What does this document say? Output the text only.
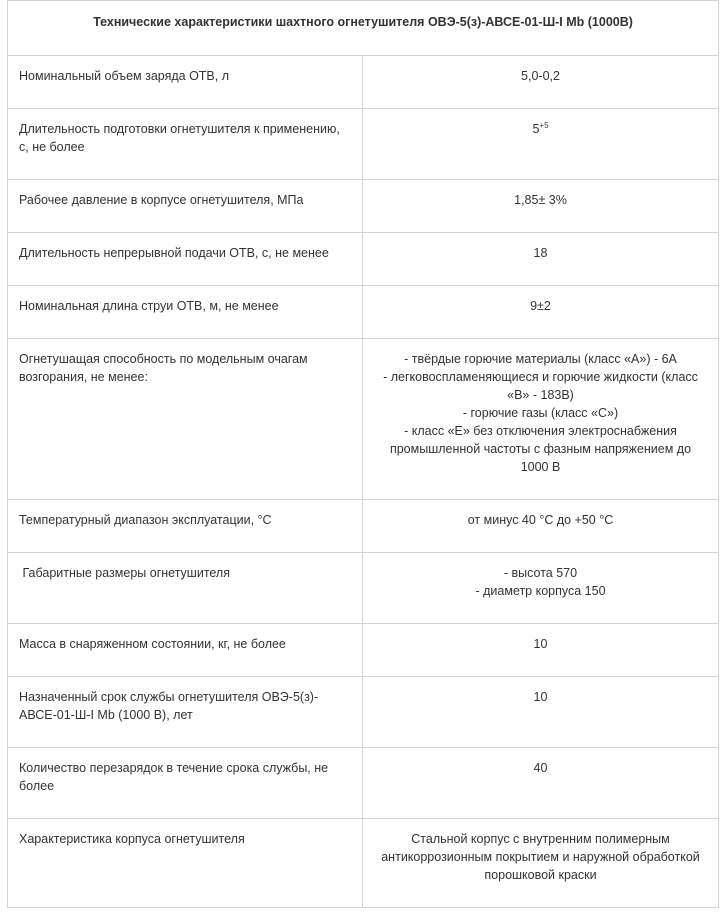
Технические характеристики шахтного огнетушителя ОВЭ-5(з)-АВСЕ-01-Ш-I Mb (1000В)	

Номинальный объем заряда ОТВ, л	5,0-0,2
Длительность подготовки огнетушителя к применению, с, не более	$5^{+5}$
Рабочее давление в корпусе огнетушителя, МПа	1,85± 3%
Длительность непрерывной подачи ОТВ, с, не менее	18
Номинальная длина струи ОТВ, м, не менее	9±2
Огнетушащая способность по модельным очагам возгорания, не менее:	- твёрдые горючие материалы (класс «А») - 6А
- легковоспламеняющиеся и горючие жидкости (класс «В» - 183В)
- горючие газы (класс «С»)
- класс «Е» без отключения электроснабжения промышленной частоты с фазным напряжением до 1000 В

Температурный диапазон эксплуатации, °С	от минус 40 °С до +50 °С
Габаритные размеры огнетушителя	- высота 570
- диаметр корпуса 150

Масса в снаряженном состоянии, кг, не более	10
Назначенный срок службы огнетушителя ОВЭ-5(з)-АВСЕ-01-Ш-I Mb (1000 В), лет	10
Количество перезарядок в течение срока службы, не более	40
Характеристика корпуса огнетушителя	Стальной корпус с внутренним полимерным антикоррозионным покрытием и наружной обработкой порошковой краски
